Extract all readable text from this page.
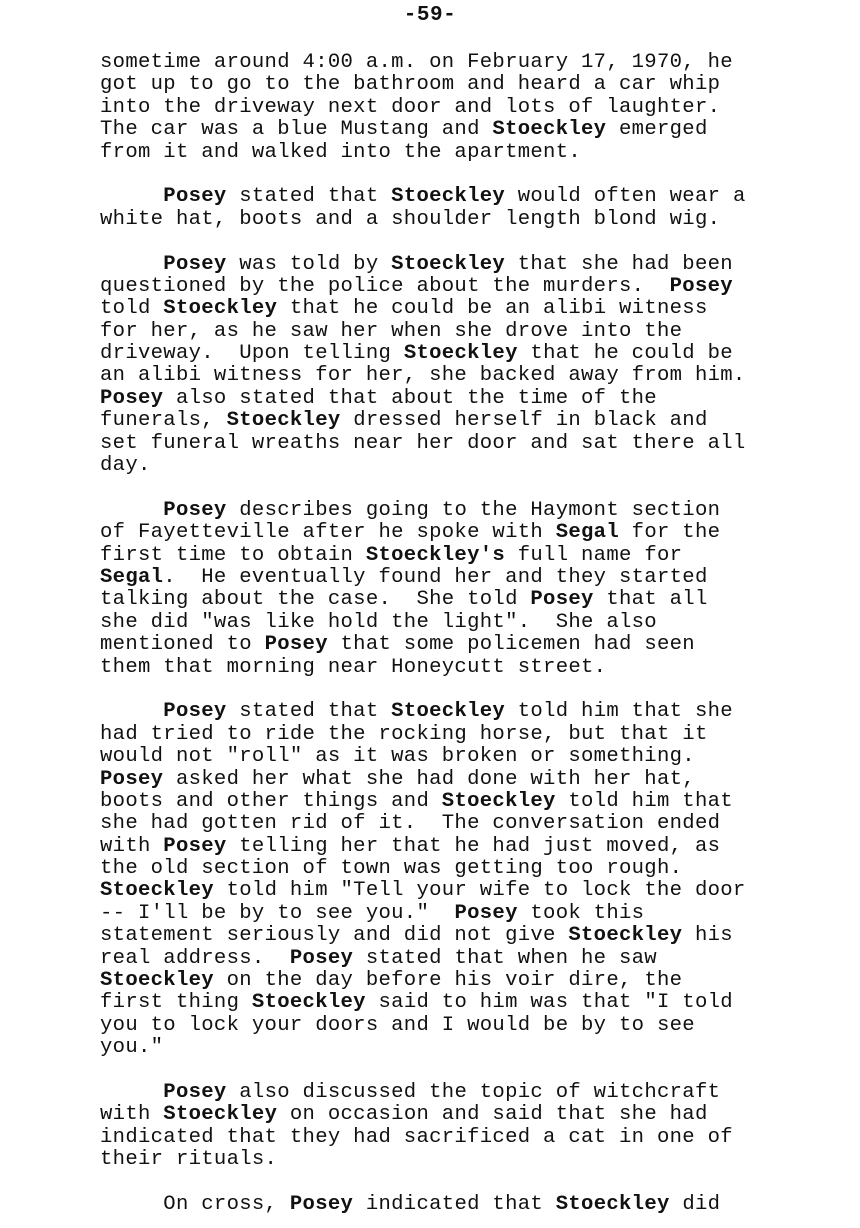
-59-
sometime around 4:00 a.m. on February 17, 1970, he
got up to go to the bathroom and heard a car whip
into the driveway next door and lots of laughter.
The car was a blue Mustang and Stoeckley emerged
from it and walked into the apartment.
Posey stated that Stoeckley would often wear a
white hat, boots and a shoulder length blond wig.
Posey was told by Stoeckley that she had been
questioned by the police about the murders.  Posey
told Stoeckley that he could be an alibi witness
for her, as he saw her when she drove into the
driveway.  Upon telling Stoeckley that he could be
an alibi witness for her, she backed away from him.
Posey also stated that about the time of the
funerals, Stoeckley dressed herself in black and
set funeral wreaths near her door and sat there all
day.
Posey describes going to the Haymont section
of Fayetteville after he spoke with Segal for the
first time to obtain Stoeckley's full name for
Segal.  He eventually found her and they started
talking about the case.  She told Posey that all
she did "was like hold the light".  She also
mentioned to Posey that some policemen had seen
them that morning near Honeycutt street.
Posey stated that Stoeckley told him that she
had tried to ride the rocking horse, but that it
would not "roll" as it was broken or something.
Posey asked her what she had done with her hat,
boots and other things and Stoeckley told him that
she had gotten rid of it.  The conversation ended
with Posey telling her that he had just moved, as
the old section of town was getting too rough.
Stoeckley told him "Tell your wife to lock the door
-- I'll be by to see you."  Posey took this
statement seriously and did not give Stoeckley his
real address.  Posey stated that when he saw
Stoeckley on the day before his voir dire, the
first thing Stoeckley said to him was that "I told
you to lock your doors and I would be by to see
you."
Posey also discussed the topic of witchcraft
with Stoeckley on occasion and said that she had
indicated that they had sacrificed a cat in one of
their rituals.
On cross, Posey indicated that Stoeckley did
